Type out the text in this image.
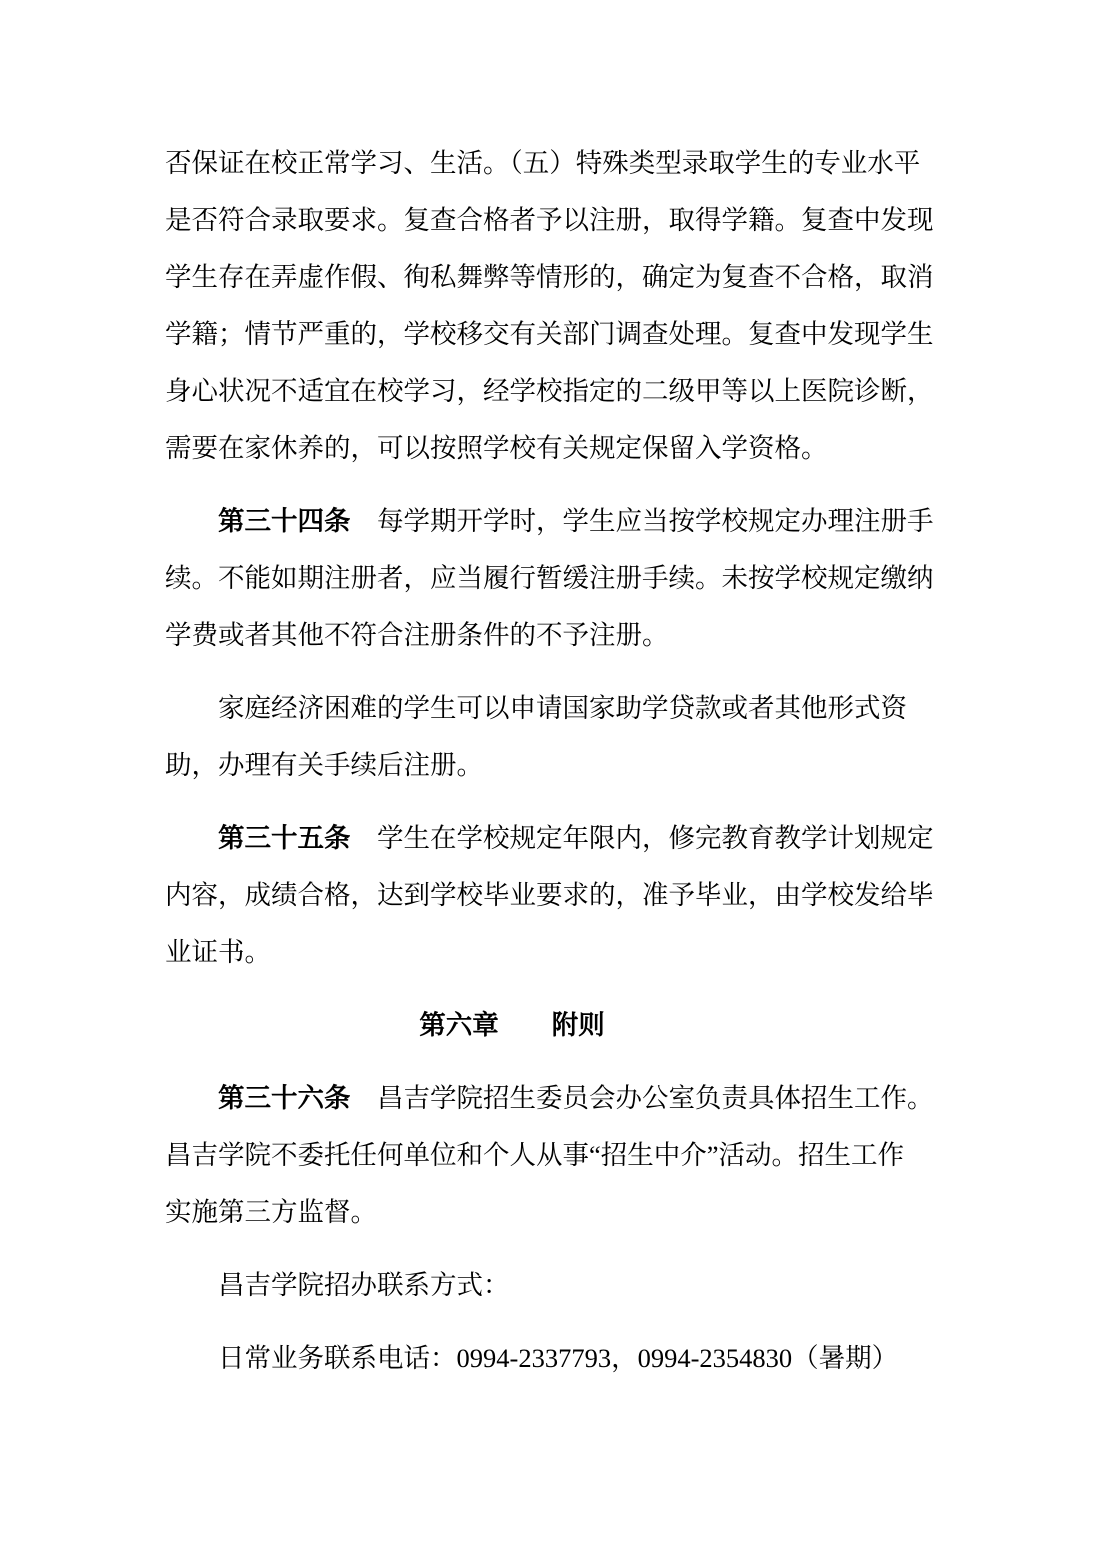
否保证在校正常学习、生活。（五）特殊类型录取学生的专业水平
是否符合录取要求。复查合格者予以注册，取得学籍。复查中发现
学生存在弄虚作假、徇私舞弊等情形的，确定为复查不合格，取消
学籍；情节严重的，学校移交有关部门调查处理。复查中发现学生
身心状况不适宜在校学习，经学校指定的二级甲等以上医院诊断，
需要在家休养的，可以按照学校有关规定保留入学资格。
第三十四条　每学期开学时，学生应当按学校规定办理注册手
续。不能如期注册者，应当履行暂缓注册手续。未按学校规定缴纳
学费或者其他不符合注册条件的不予注册。
家庭经济困难的学生可以申请国家助学贷款或者其他形式资
助，办理有关手续后注册。
第三十五条　学生在学校规定年限内，修完教育教学计划规定
内容，成绩合格，达到学校毕业要求的，准予毕业，由学校发给毕
业证书。
第六章　　附则
第三十六条　昌吉学院招生委员会办公室负责具体招生工作。
昌吉学院不委托任何单位和个人从事“招生中介”活动。招生工作
实施第三方监督。
昌吉学院招办联系方式：
日常业务联系电话：0994-2337793，0994-2354830（暑期）
